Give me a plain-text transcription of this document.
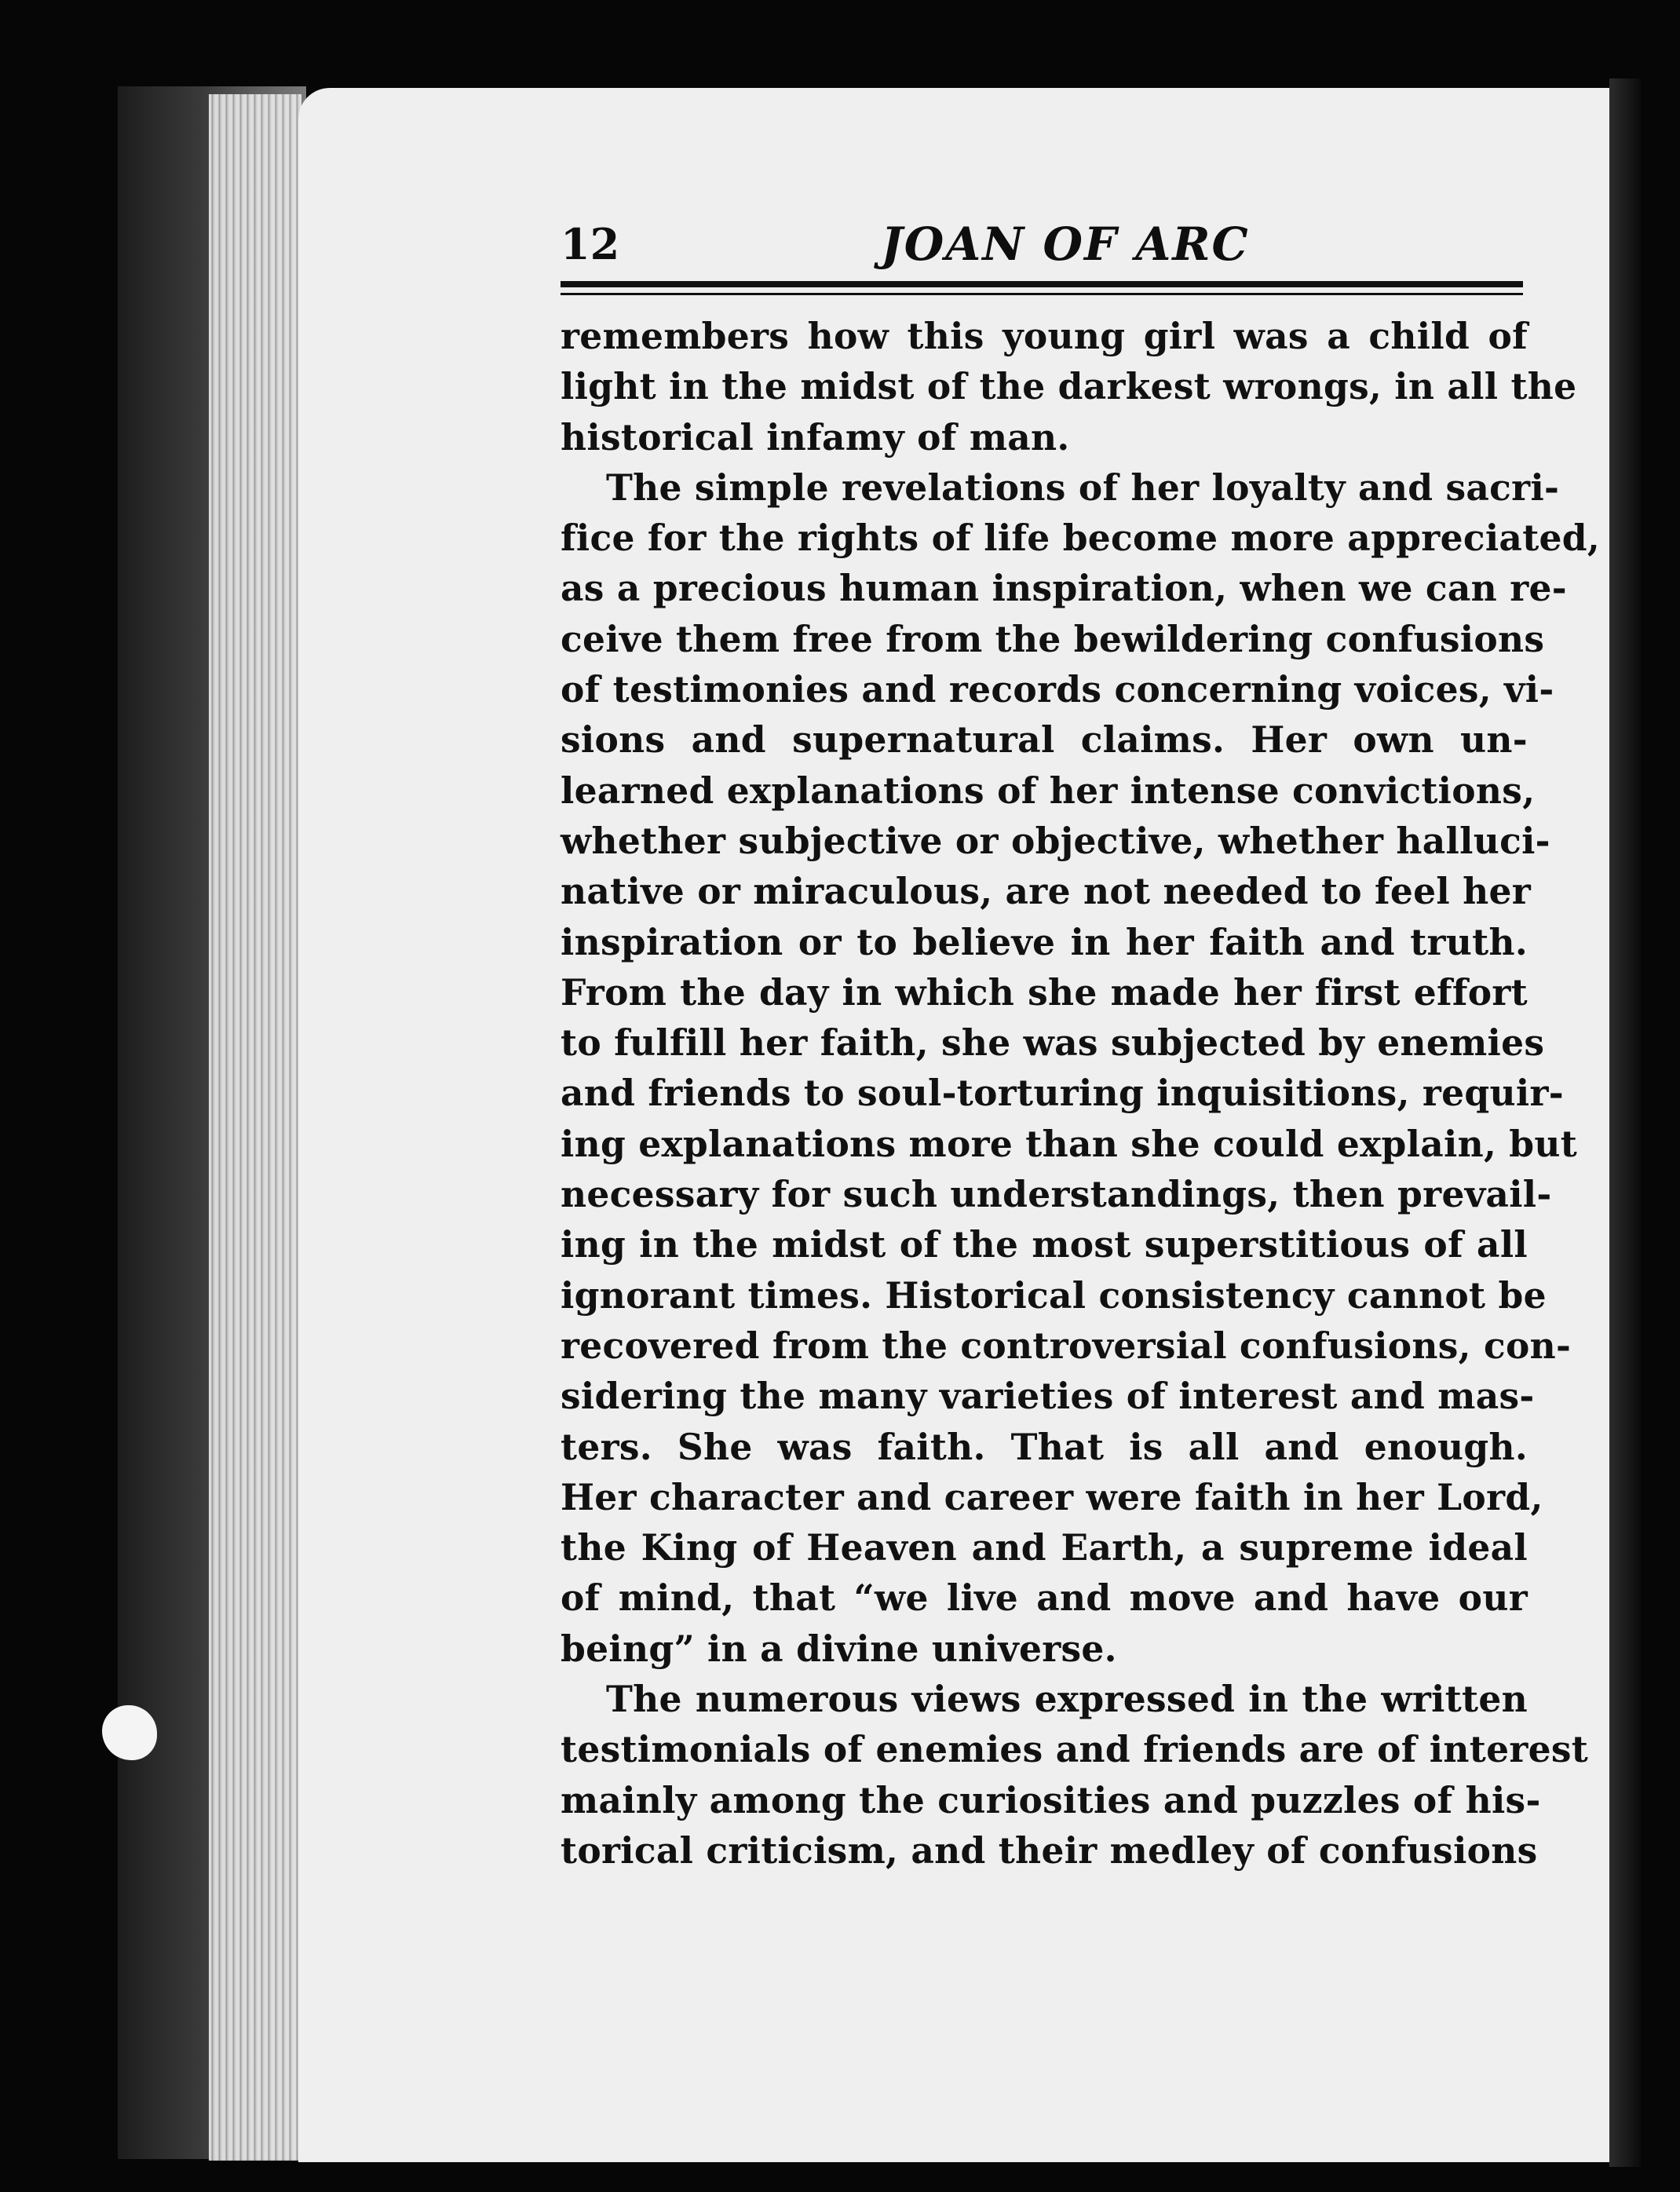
12	JOAN OF ARC
remembers how this young girl was a child of
light in the midst of the darkest wrongs, in all the
historical infamy of man.
The simple revelations of her loyalty and sacri-
fice for the rights of life become more appreciated,
as a precious human inspiration, when we can re-
ceive them free from the bewildering confusions
of testimonies and records concerning voices, vi-
sions and supernatural claims. Her own un-
learned explanations of her intense convictions,
whether subjective or objective, whether halluci-
native or miraculous, are not needed to feel her
inspiration or to believe in her faith and truth.
From the day in which she made her first effort
to fulfill her faith, she was subjected by enemies
and friends to soul-torturing inquisitions, requir-
ing explanations more than she could explain, but
necessary for such understandings, then prevail-
ing in the midst of the most superstitious of all
ignorant times. Historical consistency cannot be
recovered from the controversial confusions, con-
sidering the many varieties of interest and mas-
ters. She was faith. That is all and enough.
Her character and career were faith in her Lord,
the King of Heaven and Earth, a supreme ideal
of mind, that “we live and move and have our
being” in a divine universe.
The numerous views expressed in the written
testimonials of enemies and friends are of interest
mainly among the curiosities and puzzles of his-
torical criticism, and their medley of confusions
